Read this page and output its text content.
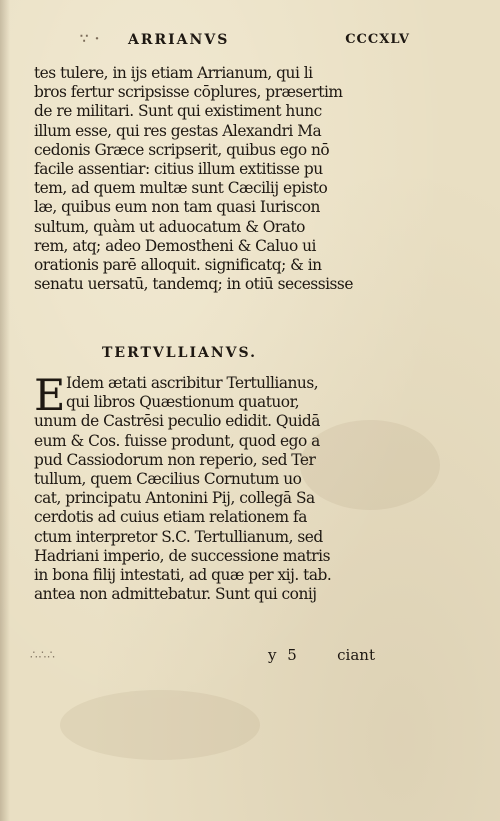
∵ · ARRIANVS	CCCXLV
tes tulere, in ijs etiam Arrianum, qui li
bros fertur scripsisse cōplures, præsertim
de re militari. Sunt qui existiment hunc
illum esse, qui res gestas Alexandri Ma
cedonis Græce scripserit, quibus ego nō
facile assentiar: citius illum extitisse pu
tem, ad quem multæ sunt Cæcilij episto
læ, quibus eum non tam quasi Iuriscon
sultum, quàm ut aduocatum & Orato
rem, atq; adeo Demostheni & Caluo ui
orationis parē alloquit. significatq; & in
senatu uersatū, tandemq; in otiū secessisse
TERTVLLIANVS.
E Idem ætati ascribitur Tertullianus,
qui libros Quæstionum quatuor,
unum de Castrēsi peculio edidit. Quidā
eum & Cos. fuisse produnt, quod ego a
pud Cassiodorum non reperio, sed Ter
tullum, quem Cæcilius Cornutum uo
cat, principatu Antonini Pij, collegā Sa
cerdotis ad cuius etiam relationem fa
ctum interpretor S.C. Tertullianum, sed
Hadriani imperio, de successione matris
in bona filij intestati, ad quæ per xij. tab.
antea non admittebatur. Sunt qui conij
∴∴∴	y 5 ciant
